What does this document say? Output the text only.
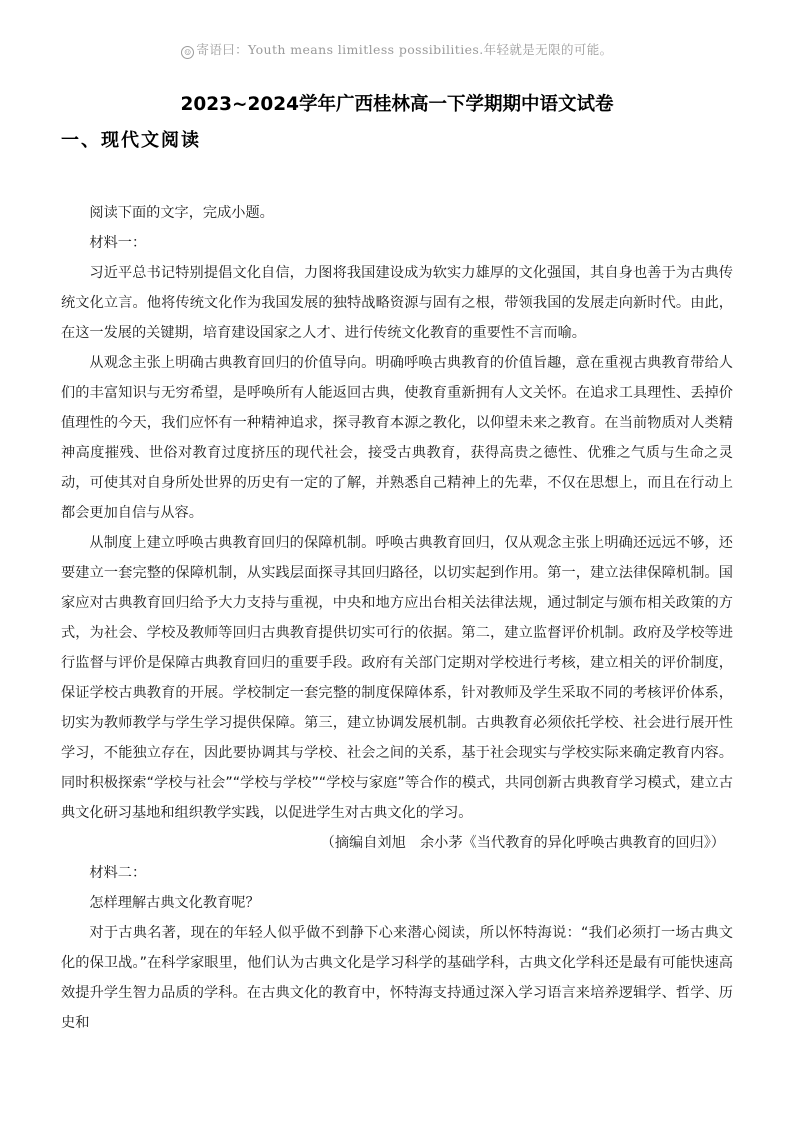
☺ 寄语曰：Youth means limitless possibilities.年轻就是无限的可能。
2023~2024学年广西桂林高一下学期期中语文试卷
一、现代文阅读

阅读下面的文字，完成小题。

材料一：

习近平总书记特别提倡文化自信，力图将我国建设成为软实力雄厚的文化强国，其自身也善于为古典传统文化立言。他将传统文化作为我国发展的独特战略资源与固有之根，带领我国的发展走向新时代。由此，在这一发展的关键期，培育建设国家之人才、进行传统文化教育的重要性不言而喻。

从观念主张上明确古典教育回归的价值导向。明确呼唤古典教育的价值旨趣，意在重视古典教育带给人们的丰富知识与无穷希望，是呼唤所有人能返回古典，使教育重新拥有人文关怀。在追求工具理性、丢掉价值理性的今天，我们应怀有一种精神追求，探寻教育本源之教化，以仰望未来之教育。在当前物质对人类精神高度摧残、世俗对教育过度挤压的现代社会，接受古典教育，获得高贵之德性、优雅之气质与生命之灵动，可使其对自身所处世界的历史有一定的了解，并熟悉自己精神上的先辈，不仅在思想上，而且在行动上都会更加自信与从容。

从制度上建立呼唤古典教育回归的保障机制。呼唤古典教育回归，仅从观念主张上明确还远远不够，还要建立一套完整的保障机制，从实践层面探寻其回归路径，以切实起到作用。第一，建立法律保障机制。国家应对古典教育回归给予大力支持与重视，中央和地方应出台相关法律法规，通过制定与颁布相关政策的方式，为社会、学校及教师等回归古典教育提供切实可行的依据。第二，建立监督评价机制。政府及学校等进行监督与评价是保障古典教育回归的重要手段。政府有关部门定期对学校进行考核，建立相关的评价制度，保证学校古典教育的开展。学校制定一套完整的制度保障体系，针对教师及学生采取不同的考核评价体系，切实为教师教学与学生学习提供保障。第三，建立协调发展机制。古典教育必须依托学校、社会进行展开性学习，不能独立存在，因此要协调其与学校、社会之间的关系，基于社会现实与学校实际来确定教育内容。同时积极探索“学校与社会”“学校与学校”“学校与家庭”等合作的模式，共同创新古典教育学习模式，建立古典文化研习基地和组织教学实践，以促进学生对古典文化的学习。

（摘编自刘旭　余小茅《当代教育的异化呼唤古典教育的回归》）

材料二：

怎样理解古典文化教育呢？

对于古典名著，现在的年轻人似乎做不到静下心来潜心阅读，所以怀特海说：“我们必须打一场古典文化的保卫战。”在科学家眼里，他们认为古典文化是学习科学的基础学科，古典文化学科还是最有可能快速高效提升学生智力品质的学科。在古典文化的教育中，怀特海支持通过深入学习语言来培养逻辑学、哲学、历史和
